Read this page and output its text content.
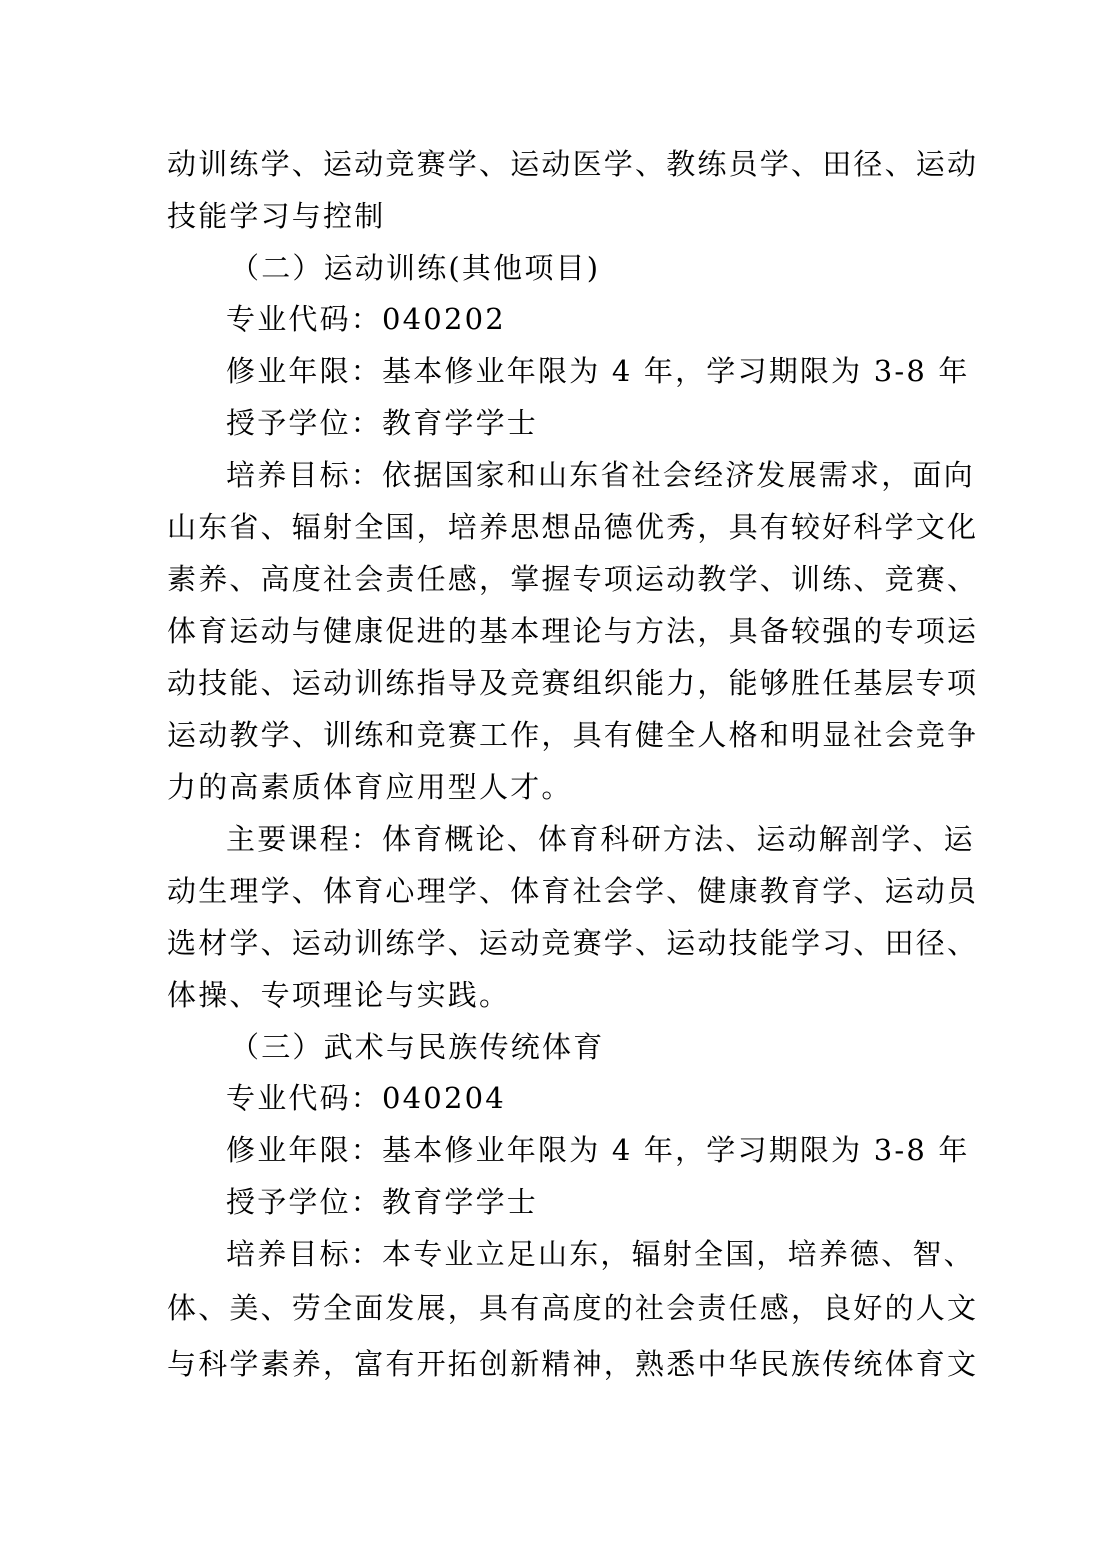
动训练学、运动竞赛学、运动医学、教练员学、田径、运动
技能学习与控制
（二）运动训练(其他项目)
专业代码：040202
修业年限：基本修业年限为 4 年，学习期限为 3-8 年
授予学位：教育学学士
培养目标：依据国家和山东省社会经济发展需求，面向
山东省、辐射全国，培养思想品德优秀，具有较好科学文化
素养、高度社会责任感，掌握专项运动教学、训练、竞赛、
体育运动与健康促进的基本理论与方法，具备较强的专项运
动技能、运动训练指导及竞赛组织能力，能够胜任基层专项
运动教学、训练和竞赛工作，具有健全人格和明显社会竞争
力的高素质体育应用型人才。
主要课程：体育概论、体育科研方法、运动解剖学、运
动生理学、体育心理学、体育社会学、健康教育学、运动员
选材学、运动训练学、运动竞赛学、运动技能学习、田径、
体操、专项理论与实践。
（三）武术与民族传统体育
专业代码：040204
修业年限：基本修业年限为 4 年，学习期限为 3-8 年
授予学位：教育学学士
培养目标：本专业立足山东，辐射全国，培养德、智、
体、美、劳全面发展，具有高度的社会责任感，良好的人文
与科学素养，富有开拓创新精神，熟悉中华民族传统体育文
